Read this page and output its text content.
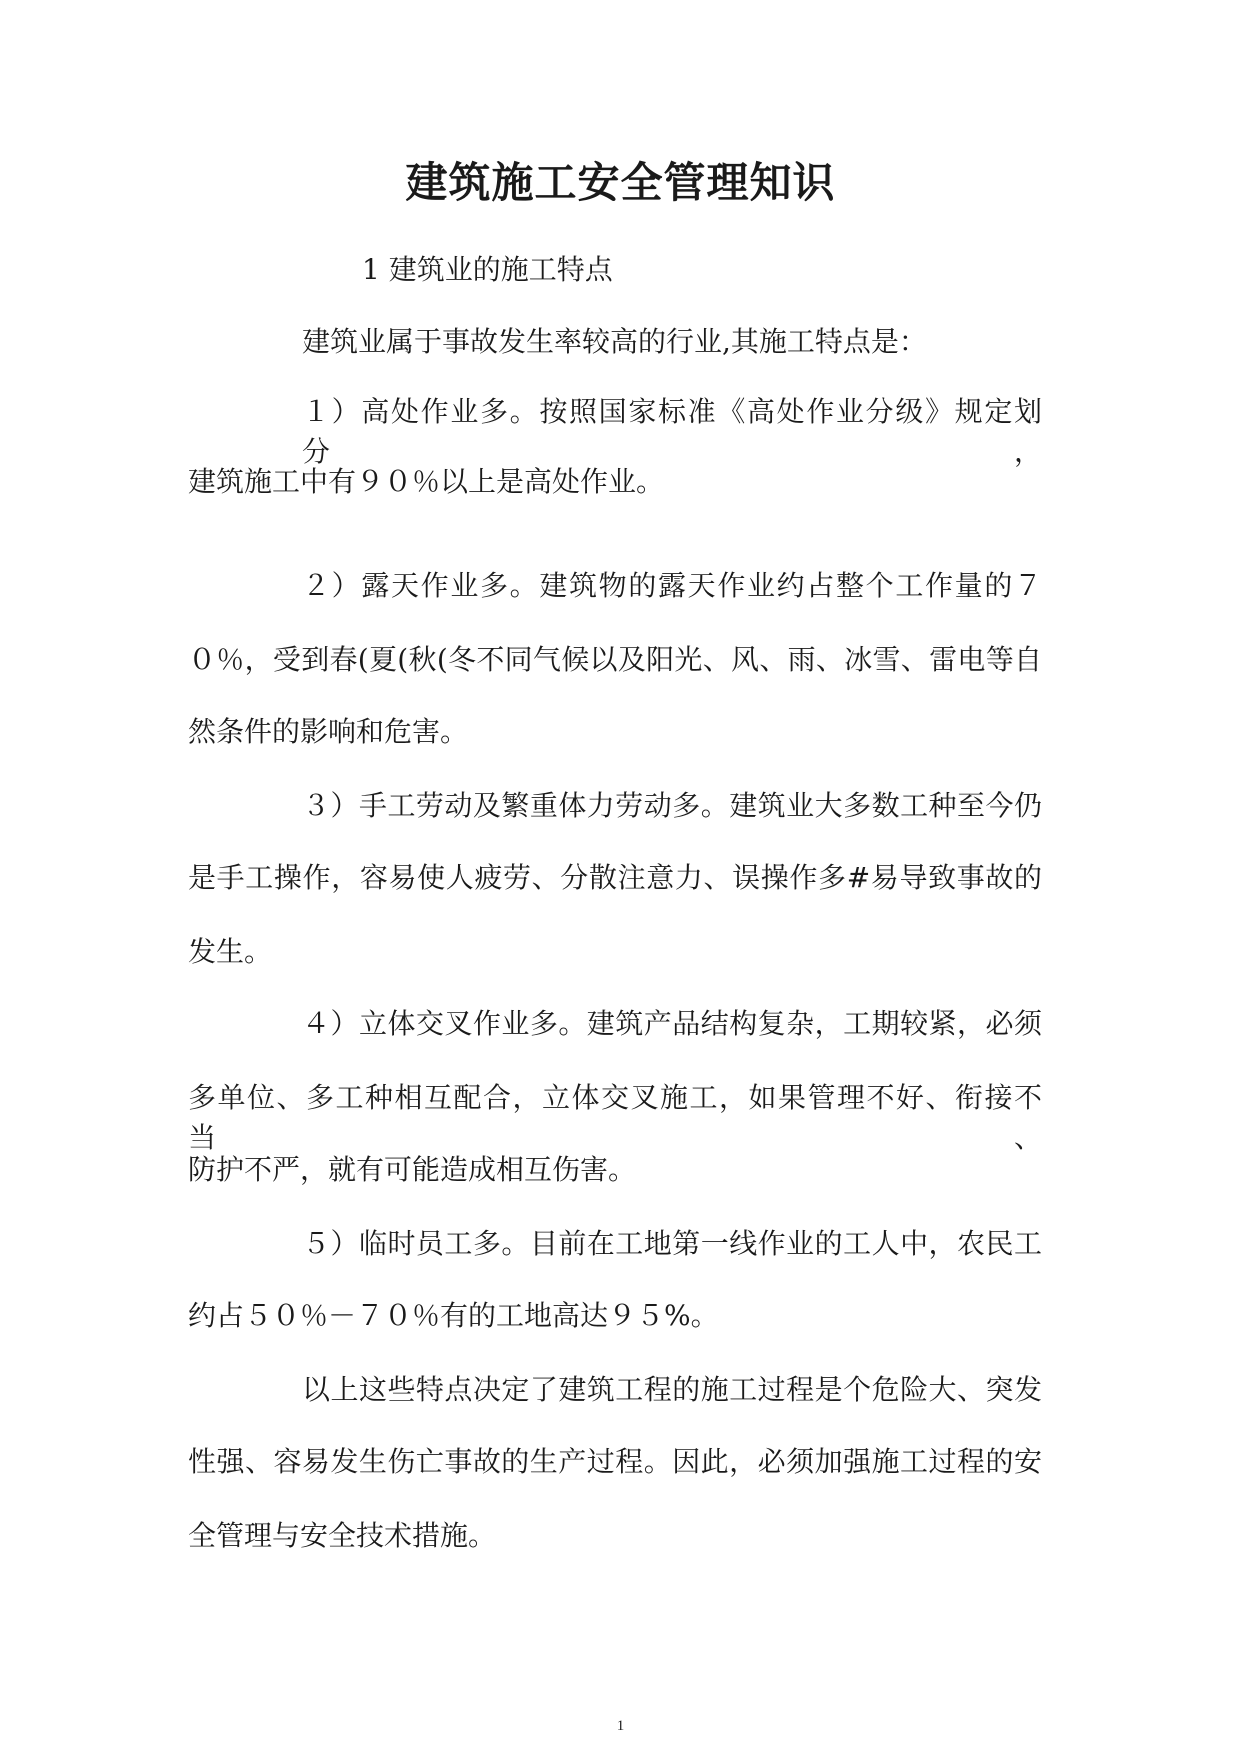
建筑施工安全管理知识

1 建筑业的施工特点

建筑业属于事故发生率较高的行业,其施工特点是：

１）高处作业多。按照国家标准《高处作业分级》规定划分，

建筑施工中有９０％以上是高处作业。

２）露天作业多。建筑物的露天作业约占整个工作量的７

０％，受到春(夏(秋(冬不同气候以及阳光、风、雨、冰雪、雷电等自

然条件的影响和危害。

３）手工劳动及繁重体力劳动多。建筑业大多数工种至今仍

是手工操作，容易使人疲劳、分散注意力、误操作多#易导致事故的

发生。

４）立体交叉作业多。建筑产品结构复杂，工期较紧，必须

多单位、多工种相互配合，立体交叉施工，如果管理不好、衔接不当、

防护不严，就有可能造成相互伤害。

５）临时员工多。目前在工地第一线作业的工人中，农民工

约占５０％－７０％有的工地高达９５%。

以上这些特点决定了建筑工程的施工过程是个危险大、突发

性强、容易发生伤亡事故的生产过程。因此，必须加强施工过程的安

全管理与安全技术措施。

1
